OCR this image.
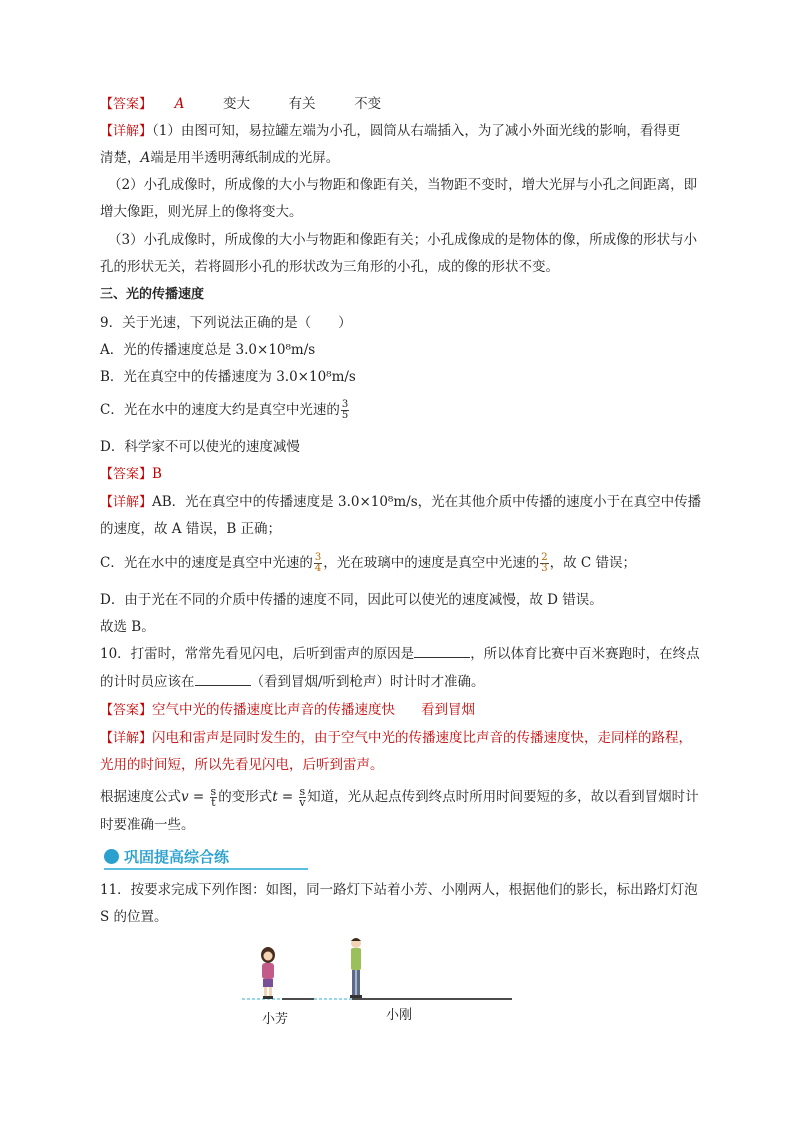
【答案】 A	变大	有关	不变
【详解】（1）由图可知，易拉罐左端为小孔，圆筒从右端插入，为了减小外面光线的影响，看得更
清楚，A端是用半透明薄纸制成的光屏。
（2）小孔成像时，所成像的大小与物距和像距有关，当物距不变时，增大光屏与小孔之间距离，即
增大像距，则光屏上的像将变大。
（3）小孔成像时，所成像的大小与物距和像距有关；小孔成像成的是物体的像，所成像的形状与小
孔的形状无关，若将圆形小孔的形状改为三角形的小孔，成的像的形状不变。
三、光的传播速度
9．关于光速，下列说法正确的是（　　）
A．光的传播速度总是 3.0×10⁸m/s
B．光在真空中的传播速度为 3.0×10⁸m/s
C．光在水中的速度大约是真空中光速的 $\frac{3}{5}$
D．科学家不可以使光的速度减慢
【答案】B
【详解】AB．光在真空中的传播速度是 3.0×10⁸m/s，光在其他介质中传播的速度小于在真空中传播
的速度，故 A 错误，B 正确；
C．光在水中的速度是真空中光速的 $\frac{3}{4}$ ，光在玻璃中的速度是真空中光速的 $\frac{2}{3}$ ，故 C 错误；
D．由于光在不同的介质中传播的速度不同，因此可以使光的速度减慢，故 D 错误。
故选 B。
10．打雷时，常常先看见闪电，后听到雷声的原因是	，所以体育比赛中百米赛跑时，在终点
的计时员应该在	（看到冒烟/听到枪声）时计时才准确。
【答案】空气中光的传播速度比声音的传播速度快 看到冒烟
【详解】闪电和雷声是同时发生的，由于空气中光的传播速度比声音的传播速度快，走同样的路程，
光用的时间短，所以先看见闪电，后听到雷声。
根据速度公式$v = \frac{s}{t}$ 的变形式$t = \frac{s}{v}$ 知道，光从起点传到终点时所用时间要短的多，故以看到冒烟时计
时要准确一些。
巩固提高综合练
11．按要求完成下列作图：如图，同一路灯下站着小芳、小刚两人，根据他们的影长，标出路灯灯泡
S 的位置。
小芳	小刚
